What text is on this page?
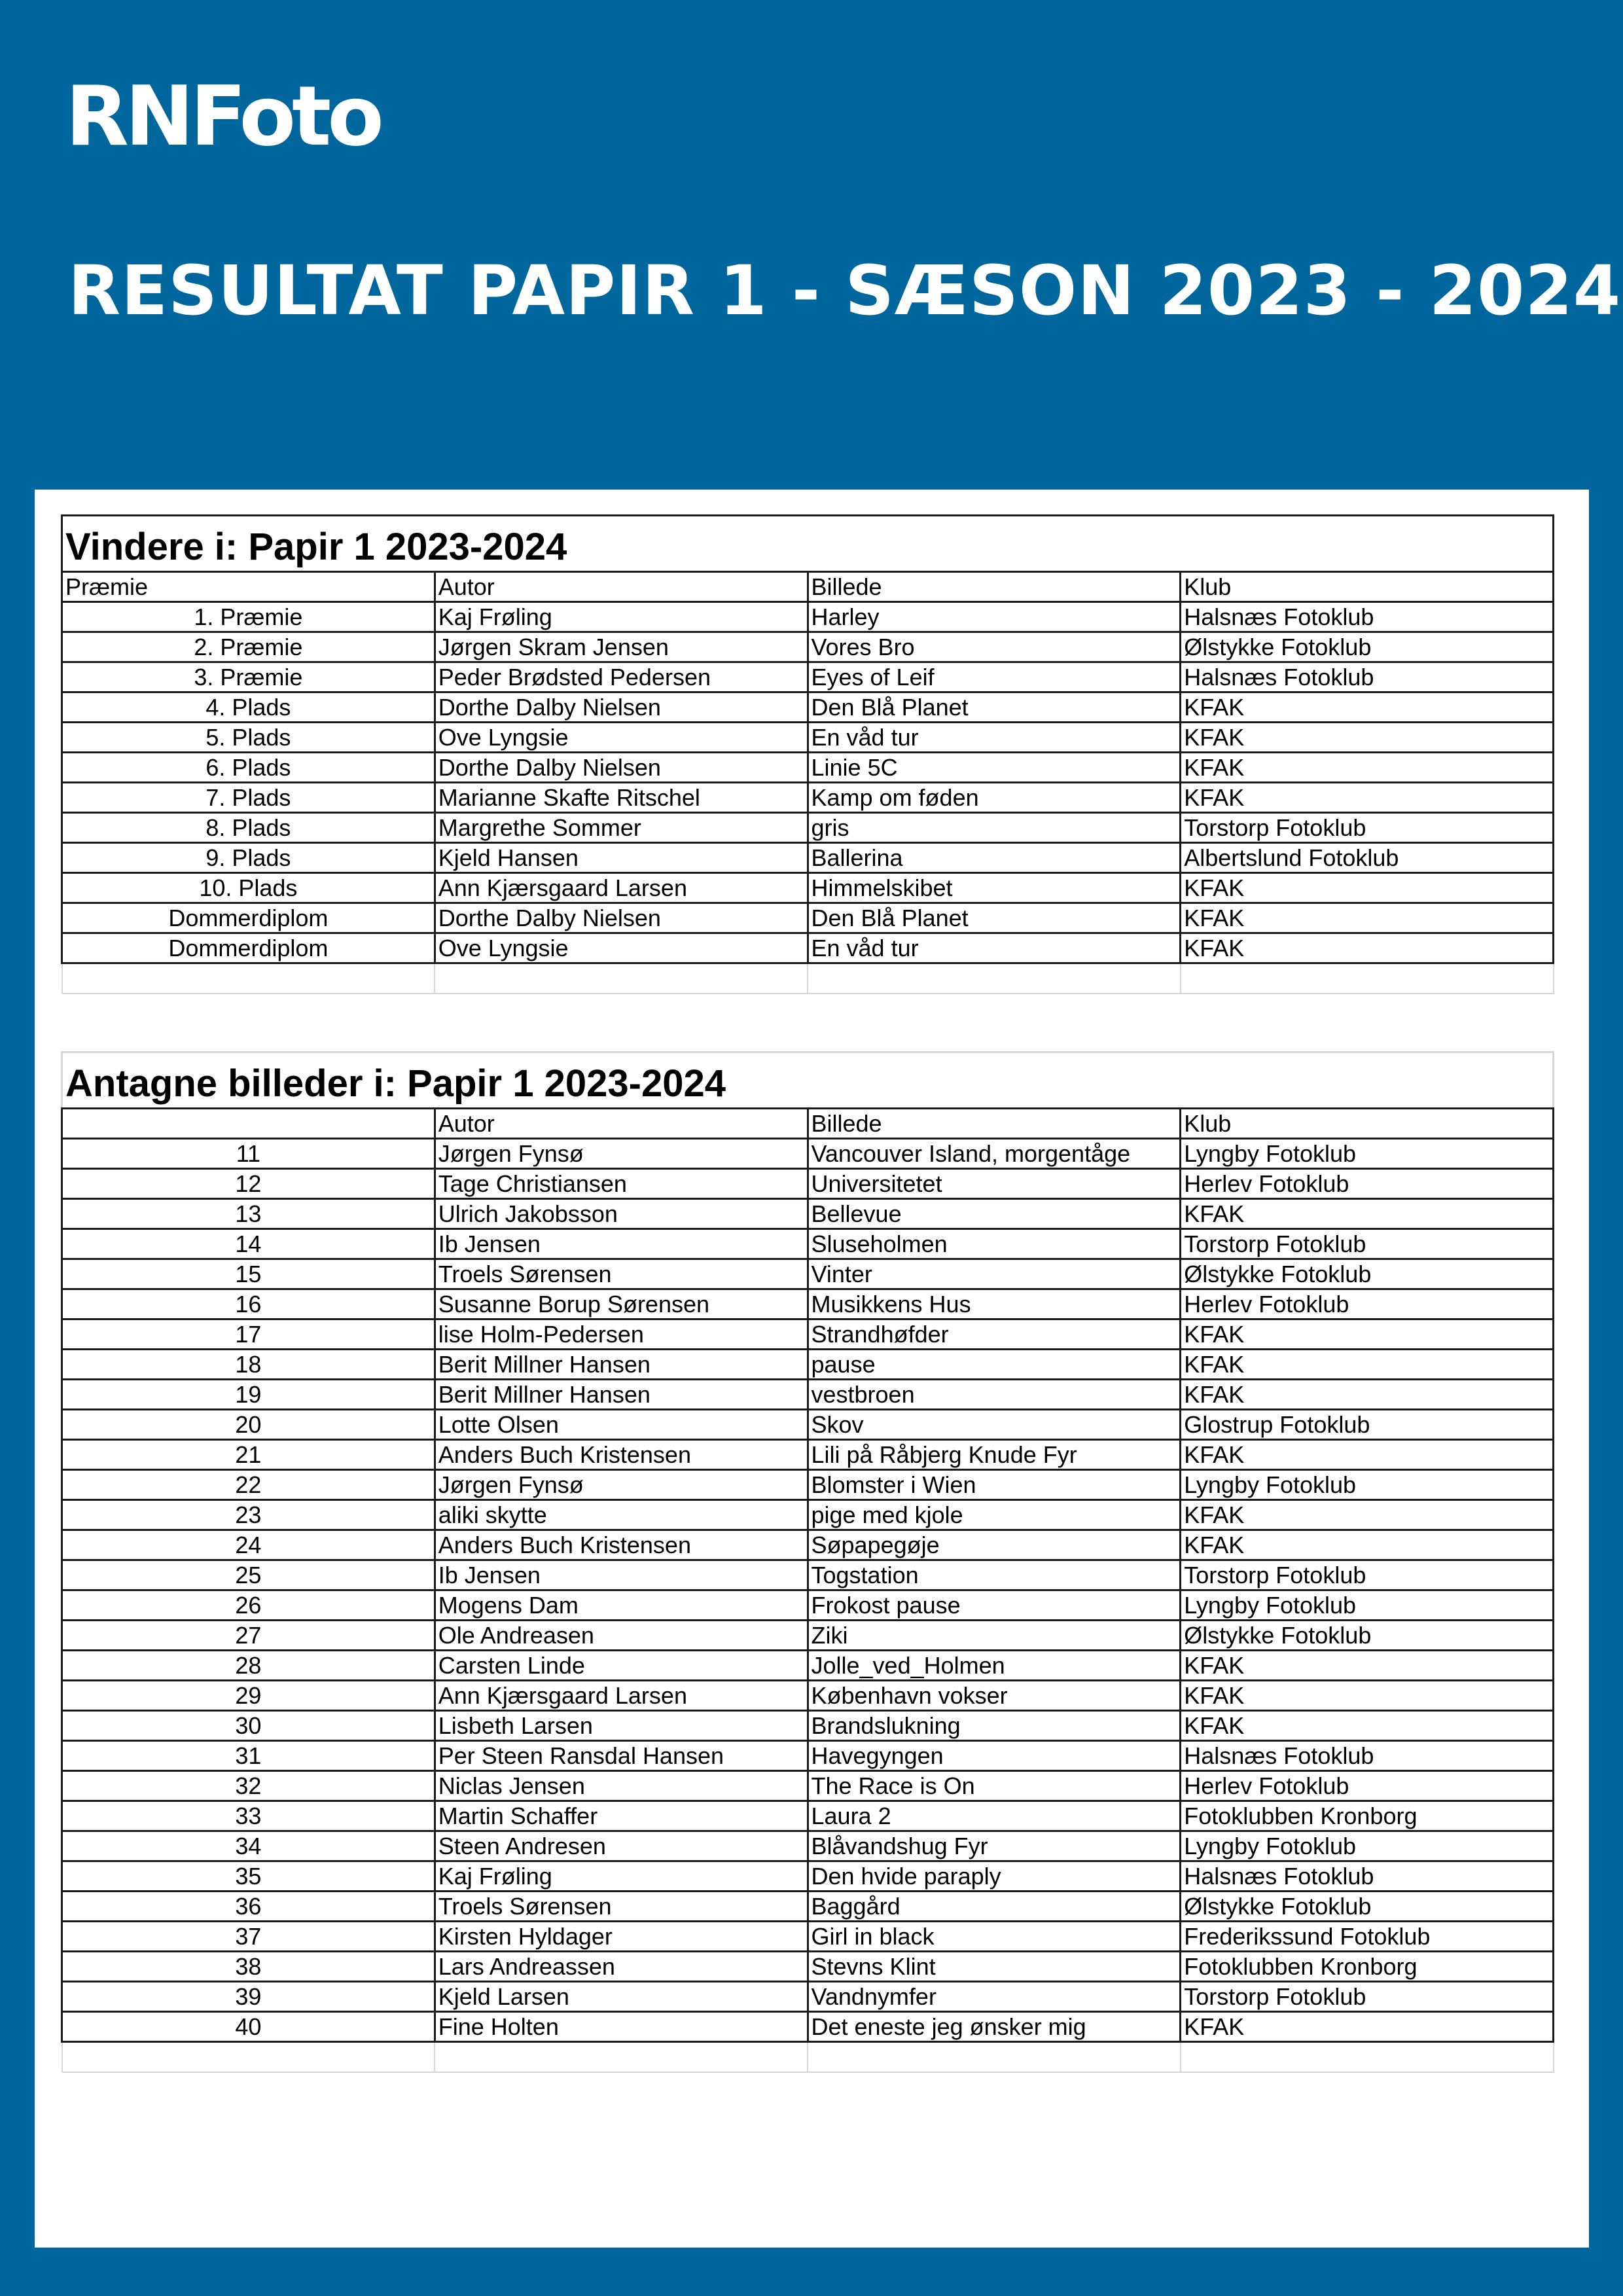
RNFoto
RESULTAT PAPIR 1 - SÆSON 2023 - 2024
Vindere i: Papir 1 2023-2024			
Præmie	Autor	Billede	Klub
1. Præmie	Kaj Frøling	Harley	Halsnæs Fotoklub
2. Præmie	Jørgen Skram Jensen	Vores Bro	Ølstykke Fotoklub
3. Præmie	Peder Brødsted Pedersen	Eyes of Leif	Halsnæs Fotoklub
4. Plads	Dorthe Dalby Nielsen	Den Blå Planet	KFAK
5. Plads	Ove Lyngsie	En våd tur	KFAK
6. Plads	Dorthe Dalby Nielsen	Linie 5C	KFAK
7. Plads	Marianne Skafte Ritschel	Kamp om føden	KFAK
8. Plads	Margrethe Sommer	gris	Torstorp Fotoklub
9. Plads	Kjeld Hansen	Ballerina	Albertslund Fotoklub
10. Plads	Ann Kjærsgaard Larsen	Himmelskibet	KFAK
Dommerdiplom	Dorthe Dalby Nielsen	Den Blå Planet	KFAK
Dommerdiplom	Ove Lyngsie	En våd tur	KFAK

Antagne billeder i: Papir 1 2023-2024			
	Autor	Billede	Klub
11	Jørgen Fynsø	Vancouver Island, morgentåge	Lyngby Fotoklub
12	Tage Christiansen	Universitetet	Herlev Fotoklub
13	Ulrich Jakobsson	Bellevue	KFAK
14	Ib Jensen	Sluseholmen	Torstorp Fotoklub
15	Troels Sørensen	Vinter	Ølstykke Fotoklub
16	Susanne Borup Sørensen	Musikkens Hus	Herlev Fotoklub
17	lise Holm-Pedersen	Strandhøfder	KFAK
18	Berit Millner Hansen	pause	KFAK
19	Berit Millner Hansen	vestbroen	KFAK
20	Lotte Olsen	Skov	Glostrup Fotoklub
21	Anders Buch Kristensen	Lili på Råbjerg Knude Fyr	KFAK
22	Jørgen Fynsø	Blomster i Wien	Lyngby Fotoklub
23	aliki skytte	pige med kjole	KFAK
24	Anders Buch Kristensen	Søpapegøje	KFAK
25	Ib Jensen	Togstation	Torstorp Fotoklub
26	Mogens Dam	Frokost pause	Lyngby Fotoklub
27	Ole Andreasen	Ziki	Ølstykke Fotoklub
28	Carsten Linde	Jolle_ved_Holmen	KFAK
29	Ann Kjærsgaard Larsen	København vokser	KFAK
30	Lisbeth Larsen	Brandslukning	KFAK
31	Per Steen Ransdal Hansen	Havegyngen	Halsnæs Fotoklub
32	Niclas Jensen	The Race is On	Herlev Fotoklub
33	Martin Schaffer	Laura 2	Fotoklubben Kronborg
34	Steen Andresen	Blåvandshug Fyr	Lyngby Fotoklub
35	Kaj Frøling	Den hvide paraply	Halsnæs Fotoklub
36	Troels Sørensen	Baggård	Ølstykke Fotoklub
37	Kirsten Hyldager	Girl in black	Frederikssund Fotoklub
38	Lars Andreassen	Stevns Klint	Fotoklubben Kronborg
39	Kjeld Larsen	Vandnymfer	Torstorp Fotoklub
40	Fine Holten	Det eneste jeg ønsker mig	KFAK
